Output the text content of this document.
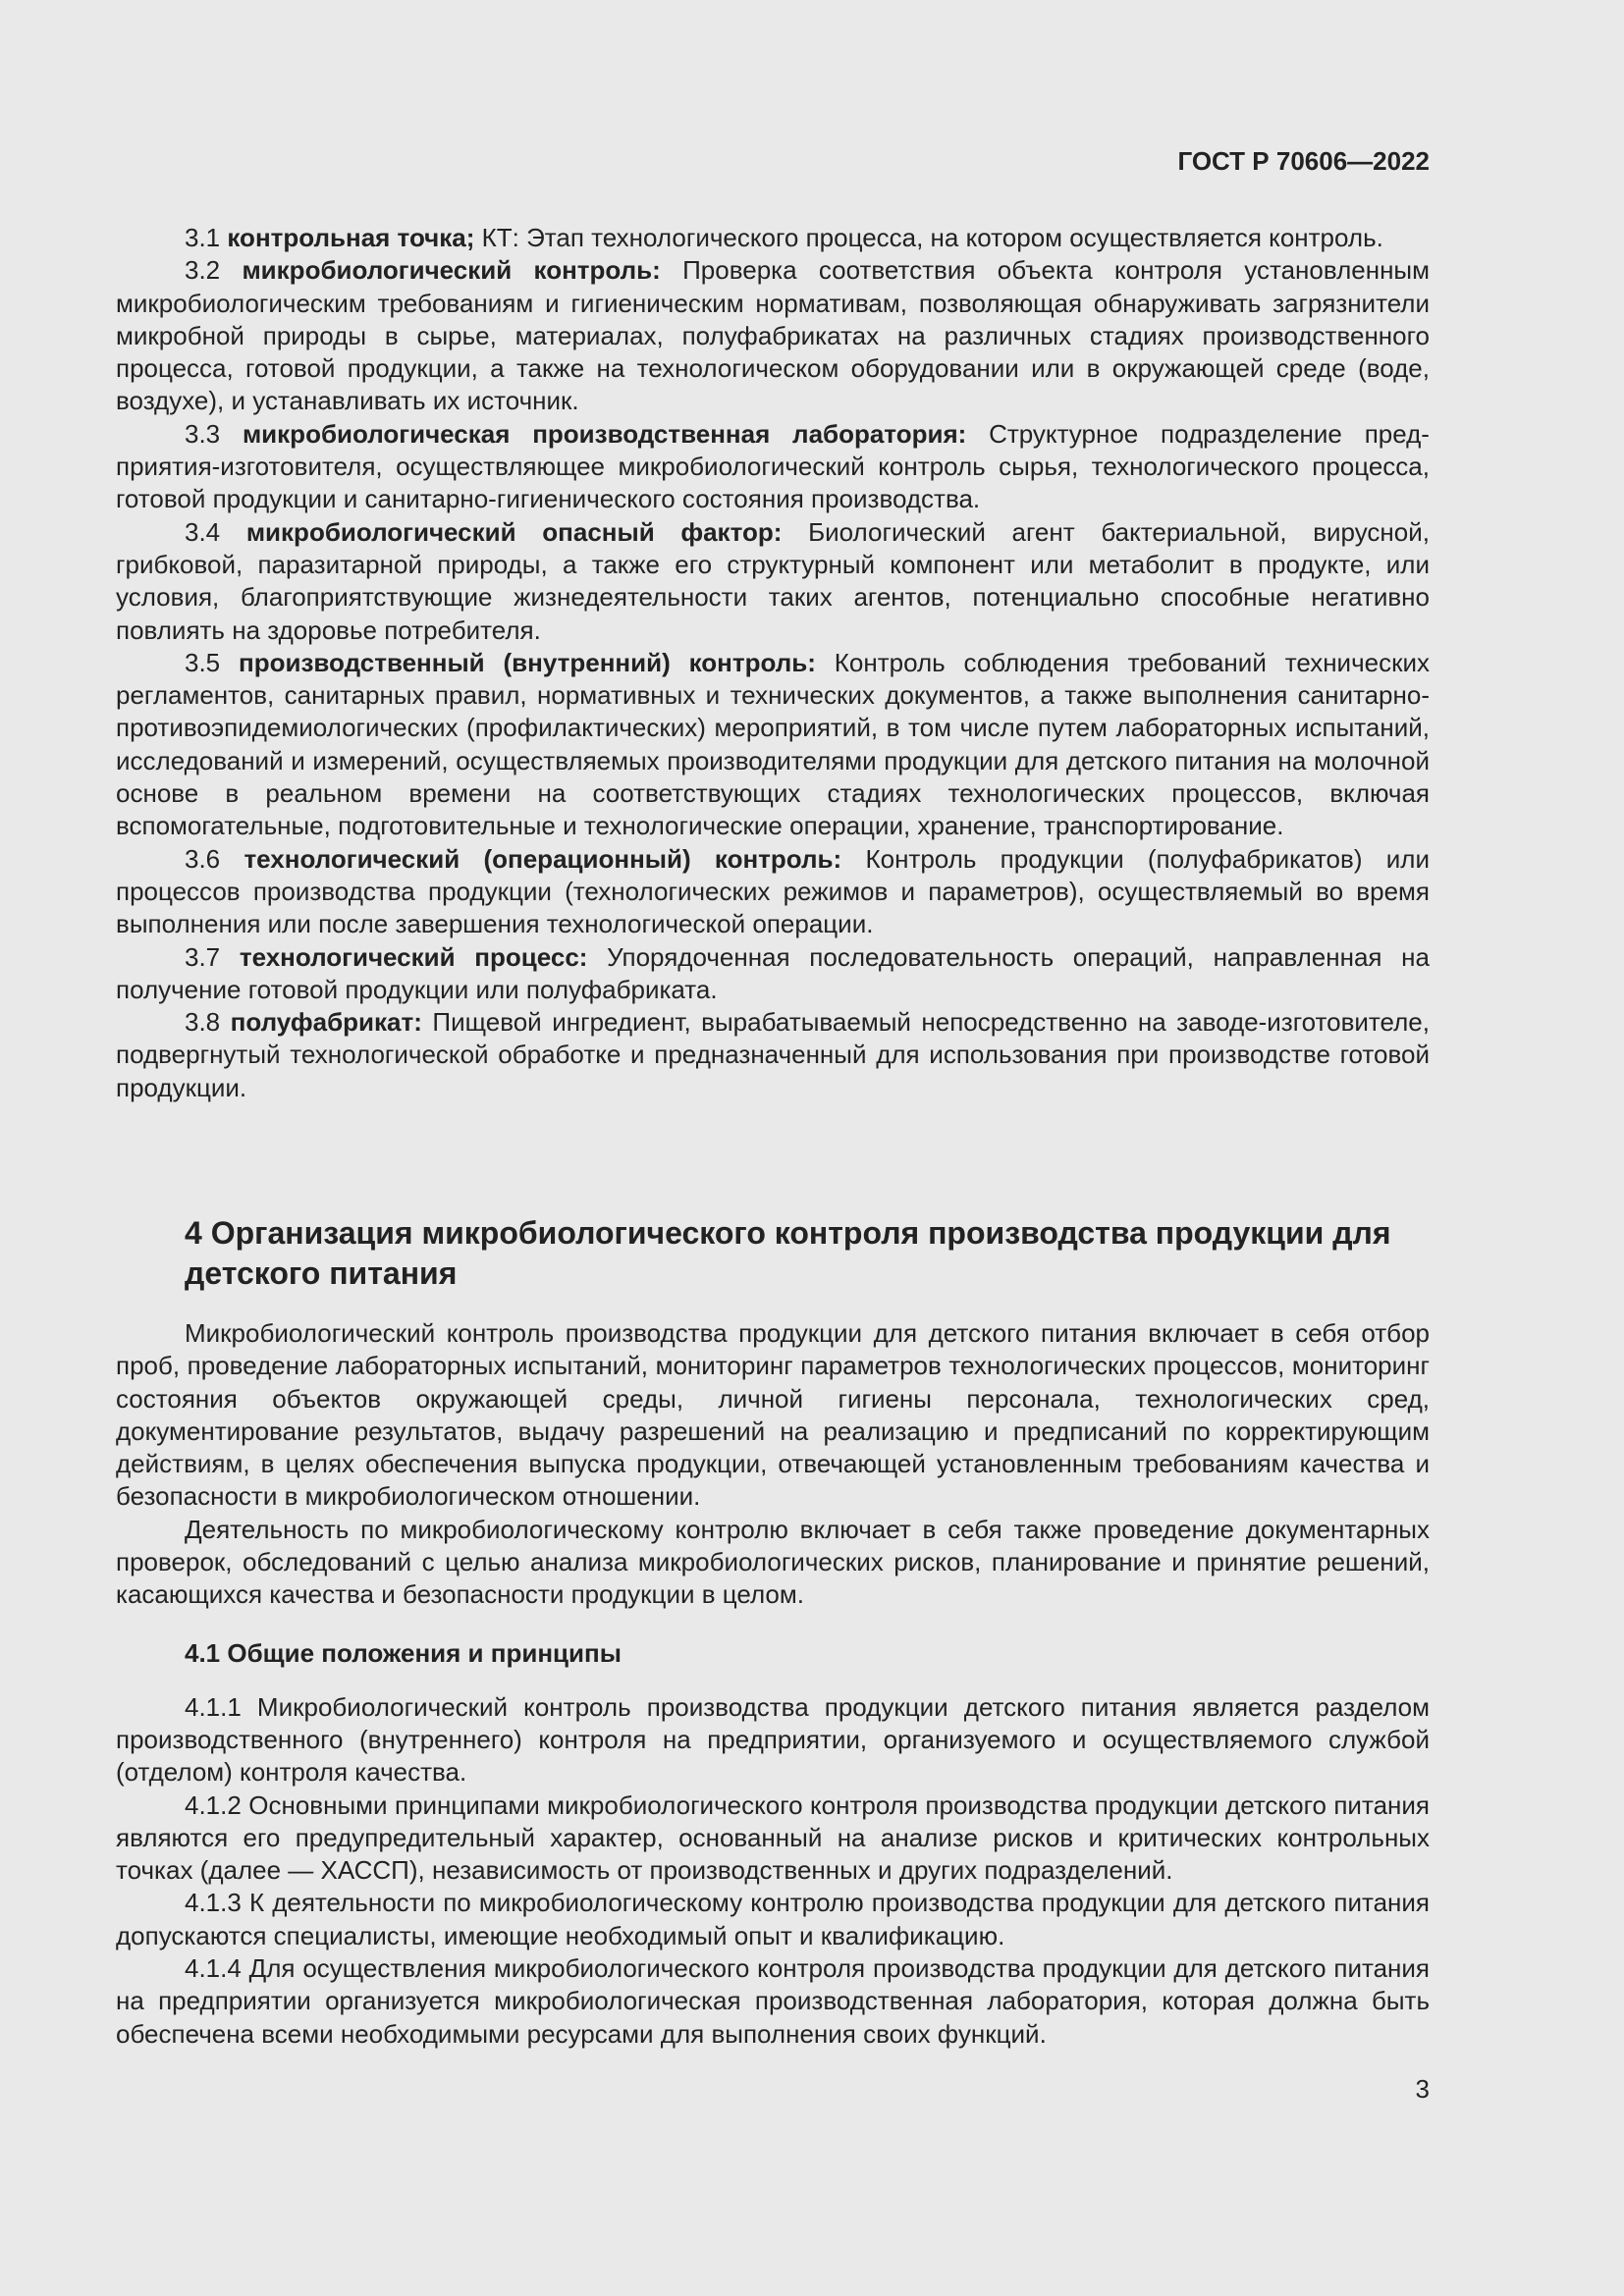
ГОСТ Р 70606—2022

3.1 контрольная точка; КТ: Этап технологического процесса, на котором осуществляется контроль.

3.2 микробиологический контроль: Проверка соответствия объекта контроля установленным микробиологическим требованиям и гигиеническим нормативам, позволяющая обнаруживать загрязнители микробной природы в сырье, материалах, полуфабрикатах на различных стадиях производственного процесса, готовой продукции, а также на технологическом оборудовании или в окружающей среде (воде, воздухе), и устанавливать их источник.

3.3 микробиологическая производственная лаборатория: Структурное подразделение предприятия-изготовителя, осуществляющее микробиологический контроль сырья, технологического процесса, готовой продукции и санитарно-гигиенического состояния производства.

3.4 микробиологический опасный фактор: Биологический агент бактериальной, вирусной, грибковой, паразитарной природы, а также его структурный компонент или метаболит в продукте, или условия, благоприятствующие жизнедеятельности таких агентов, потенциально способные негативно повлиять на здоровье потребителя.

3.5 производственный (внутренний) контроль: Контроль соблюдения требований технических регламентов, санитарных правил, нормативных и технических документов, а также выполнения санитарно-противоэпидемиологических (профилактических) мероприятий, в том числе путем лабораторных испытаний, исследований и измерений, осуществляемых производителями продукции для детского питания на молочной основе в реальном времени на соответствующих стадиях технологических процессов, включая вспомогательные, подготовительные и технологические операции, хранение, транспортирование.

3.6 технологический (операционный) контроль: Контроль продукции (полуфабрикатов) или процессов производства продукции (технологических режимов и параметров), осуществляемый во время выполнения или после завершения технологической операции.

3.7 технологический процесс: Упорядоченная последовательность операций, направленная на получение готовой продукции или полуфабриката.

3.8 полуфабрикат: Пищевой ингредиент, вырабатываемый непосредственно на заводе-изготовителе, подвергнутый технологической обработке и предназначенный для использования при производстве готовой продукции.

4 Организация микробиологического контроля производства продукции для детского питания

Микробиологический контроль производства продукции для детского питания включает в себя отбор проб, проведение лабораторных испытаний, мониторинг параметров технологических процессов, мониторинг состояния объектов окружающей среды, личной гигиены персонала, технологических сред, документирование результатов, выдачу разрешений на реализацию и предписаний по корректирующим действиям, в целях обеспечения выпуска продукции, отвечающей установленным требованиям качества и безопасности в микробиологическом отношении.

Деятельность по микробиологическому контролю включает в себя также проведение документарных проверок, обследований с целью анализа микробиологических рисков, планирование и принятие решений, касающихся качества и безопасности продукции в целом.

4.1 Общие положения и принципы

4.1.1 Микробиологический контроль производства продукции детского питания является разделом производственного (внутреннего) контроля на предприятии, организуемого и осуществляемого службой (отделом) контроля качества.

4.1.2 Основными принципами микробиологического контроля производства продукции детского питания являются его предупредительный характер, основанный на анализе рисков и критических контрольных точках (далее — ХАССП), независимость от производственных и других подразделений.

4.1.3 К деятельности по микробиологическому контролю производства продукции для детского питания допускаются специалисты, имеющие необходимый опыт и квалификацию.

4.1.4 Для осуществления микробиологического контроля производства продукции для детского питания на предприятии организуется микробиологическая производственная лаборатория, которая должна быть обеспечена всеми необходимыми ресурсами для выполнения своих функций.

3
